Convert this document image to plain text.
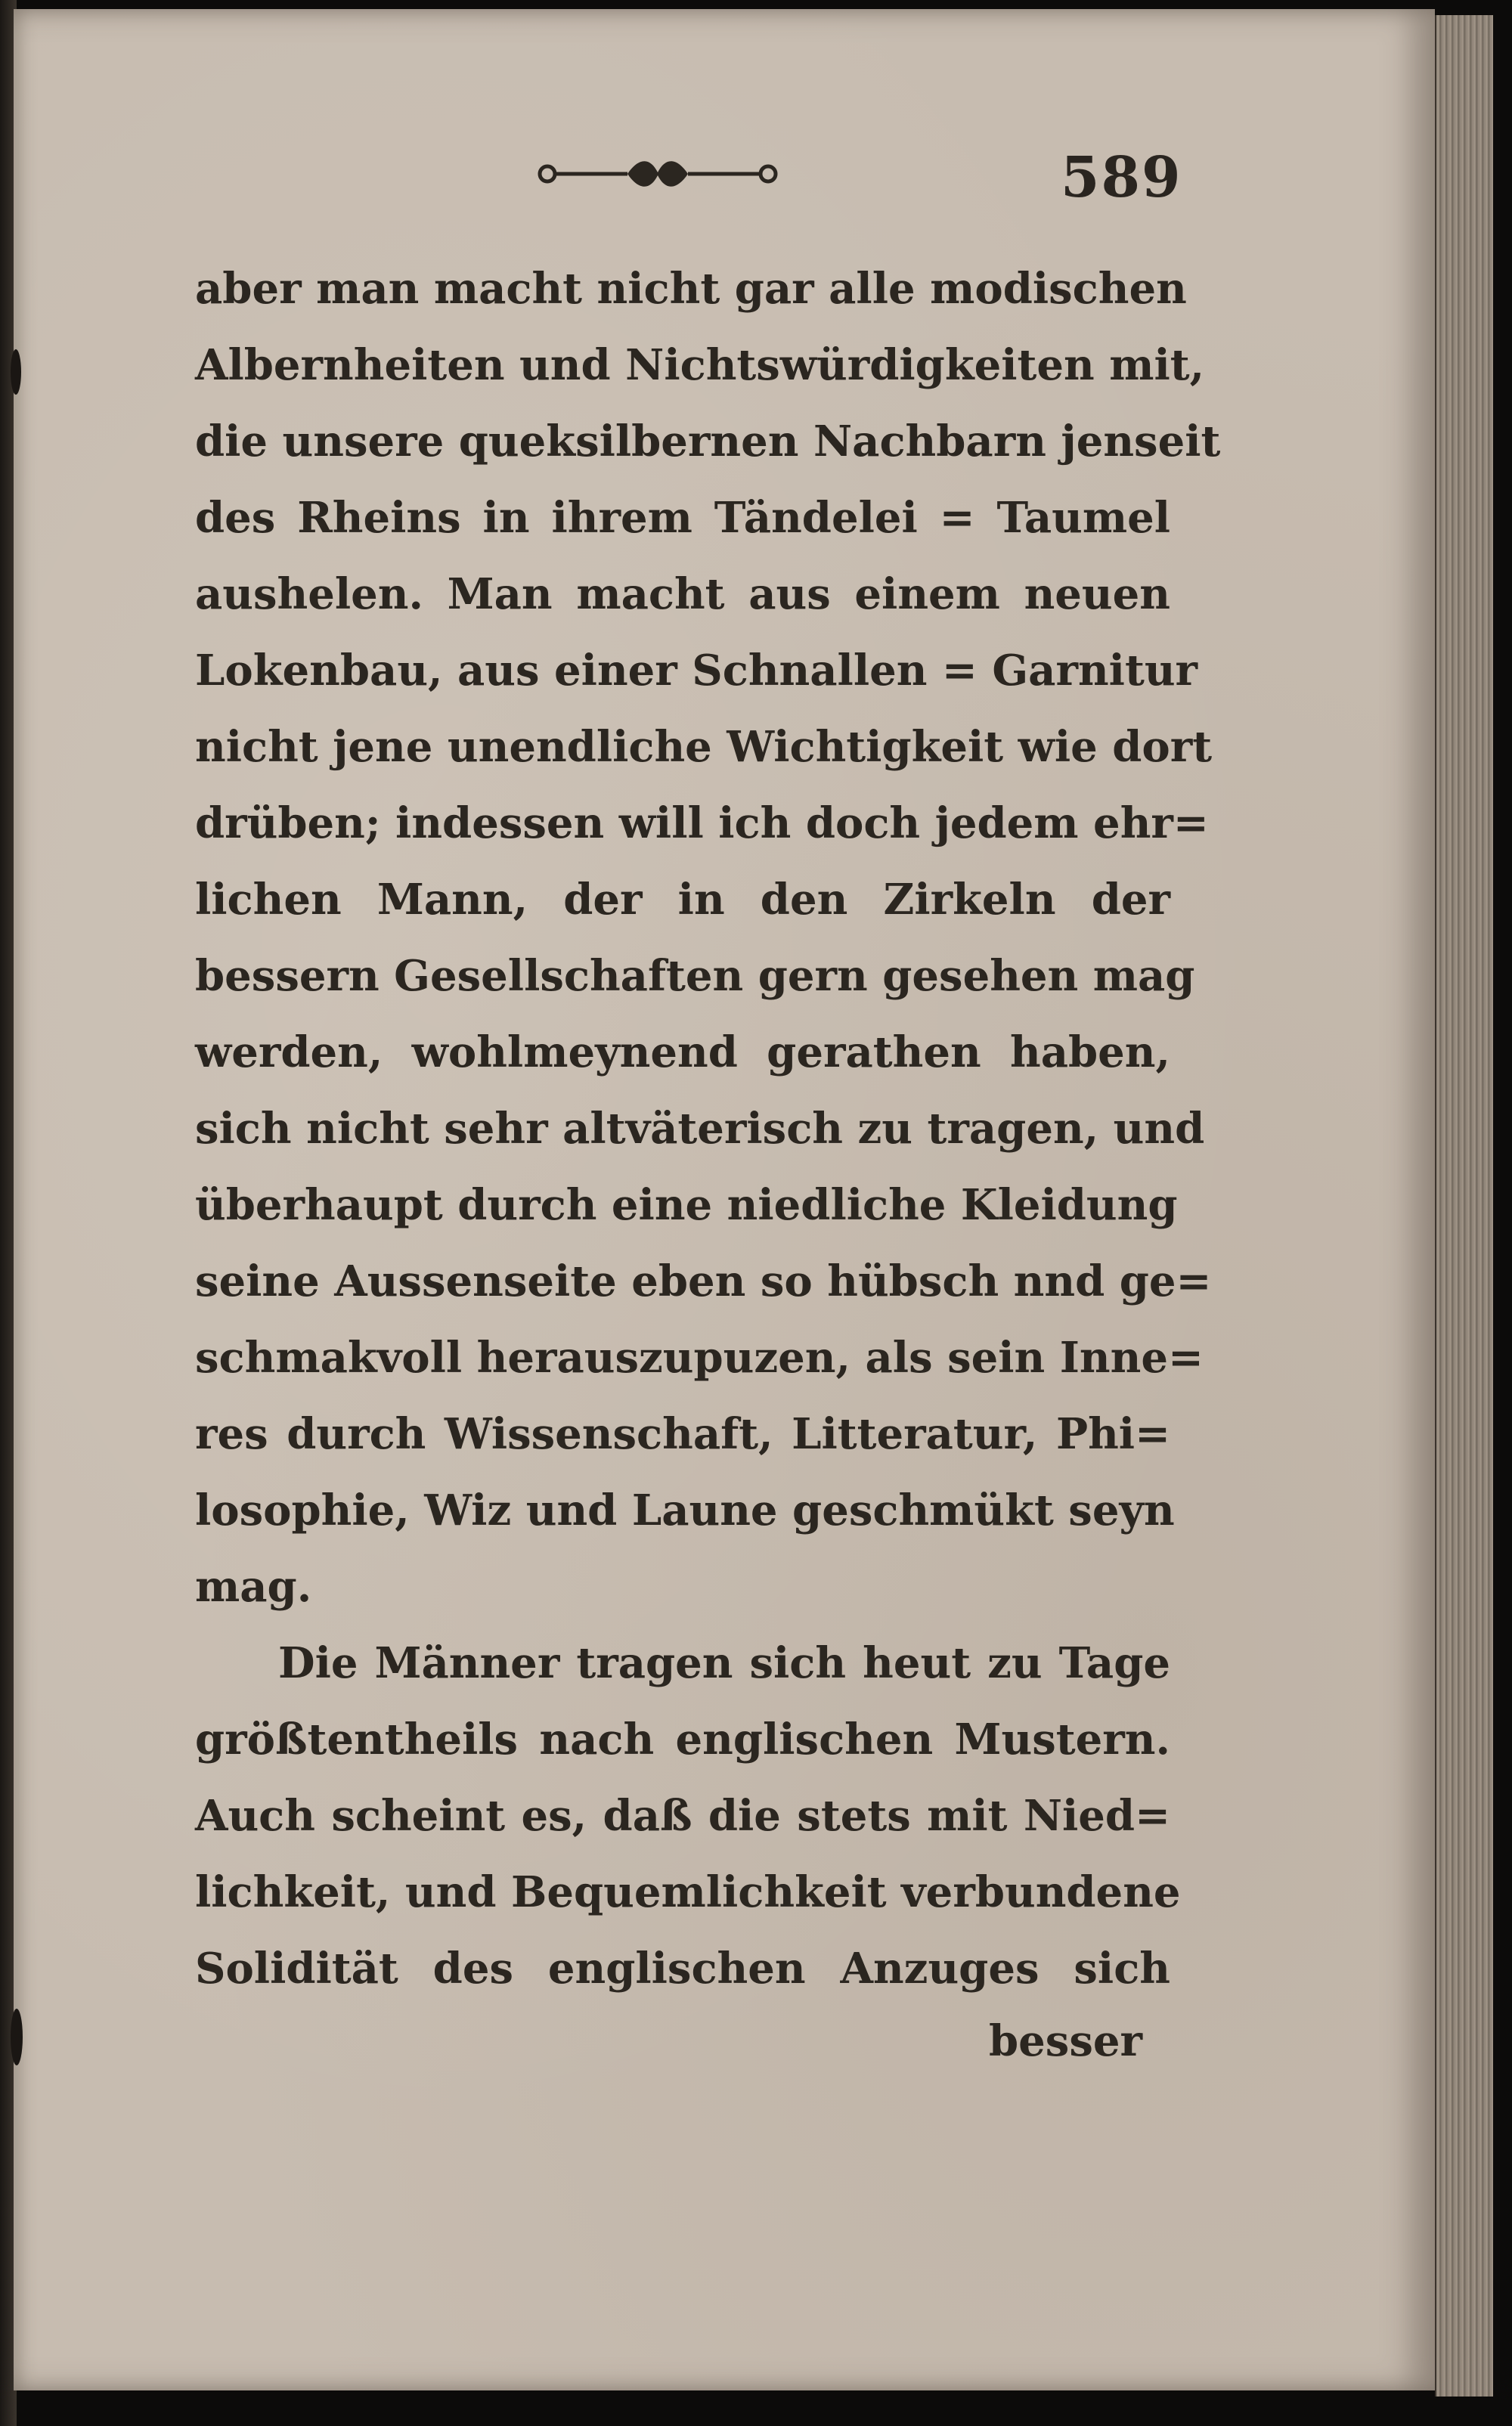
589
aber man macht nicht gar alle modischen
Albernheiten und Nichtswürdigkeiten mit,
die unsere queksilbernen Nachbarn jenseit
des Rheins in ihrem Tändelei = Taumel
aushelen. Man macht aus einem neuen
Lokenbau, aus einer Schnallen = Garnitur
nicht jene unendliche Wichtigkeit wie dort
drüben; indessen will ich doch jedem ehr=
lichen Mann, der in den Zirkeln der
bessern Gesellschaften gern gesehen mag
werden, wohlmeynend gerathen haben,
sich nicht sehr altväterisch zu tragen, und
überhaupt durch eine niedliche Kleidung
seine Aussenseite eben so hübsch nnd ge=
schmakvoll herauszupuzen, als sein Inne=
res durch Wissenschaft, Litteratur, Phi=
losophie, Wiz und Laune geschmükt seyn
mag.
Die Männer tragen sich heut zu Tage
größtentheils nach englischen Mustern.
Auch scheint es, daß die stets mit Nied=
lichkeit, und Bequemlichkeit verbundene
Solidität des englischen Anzuges sich
besser
